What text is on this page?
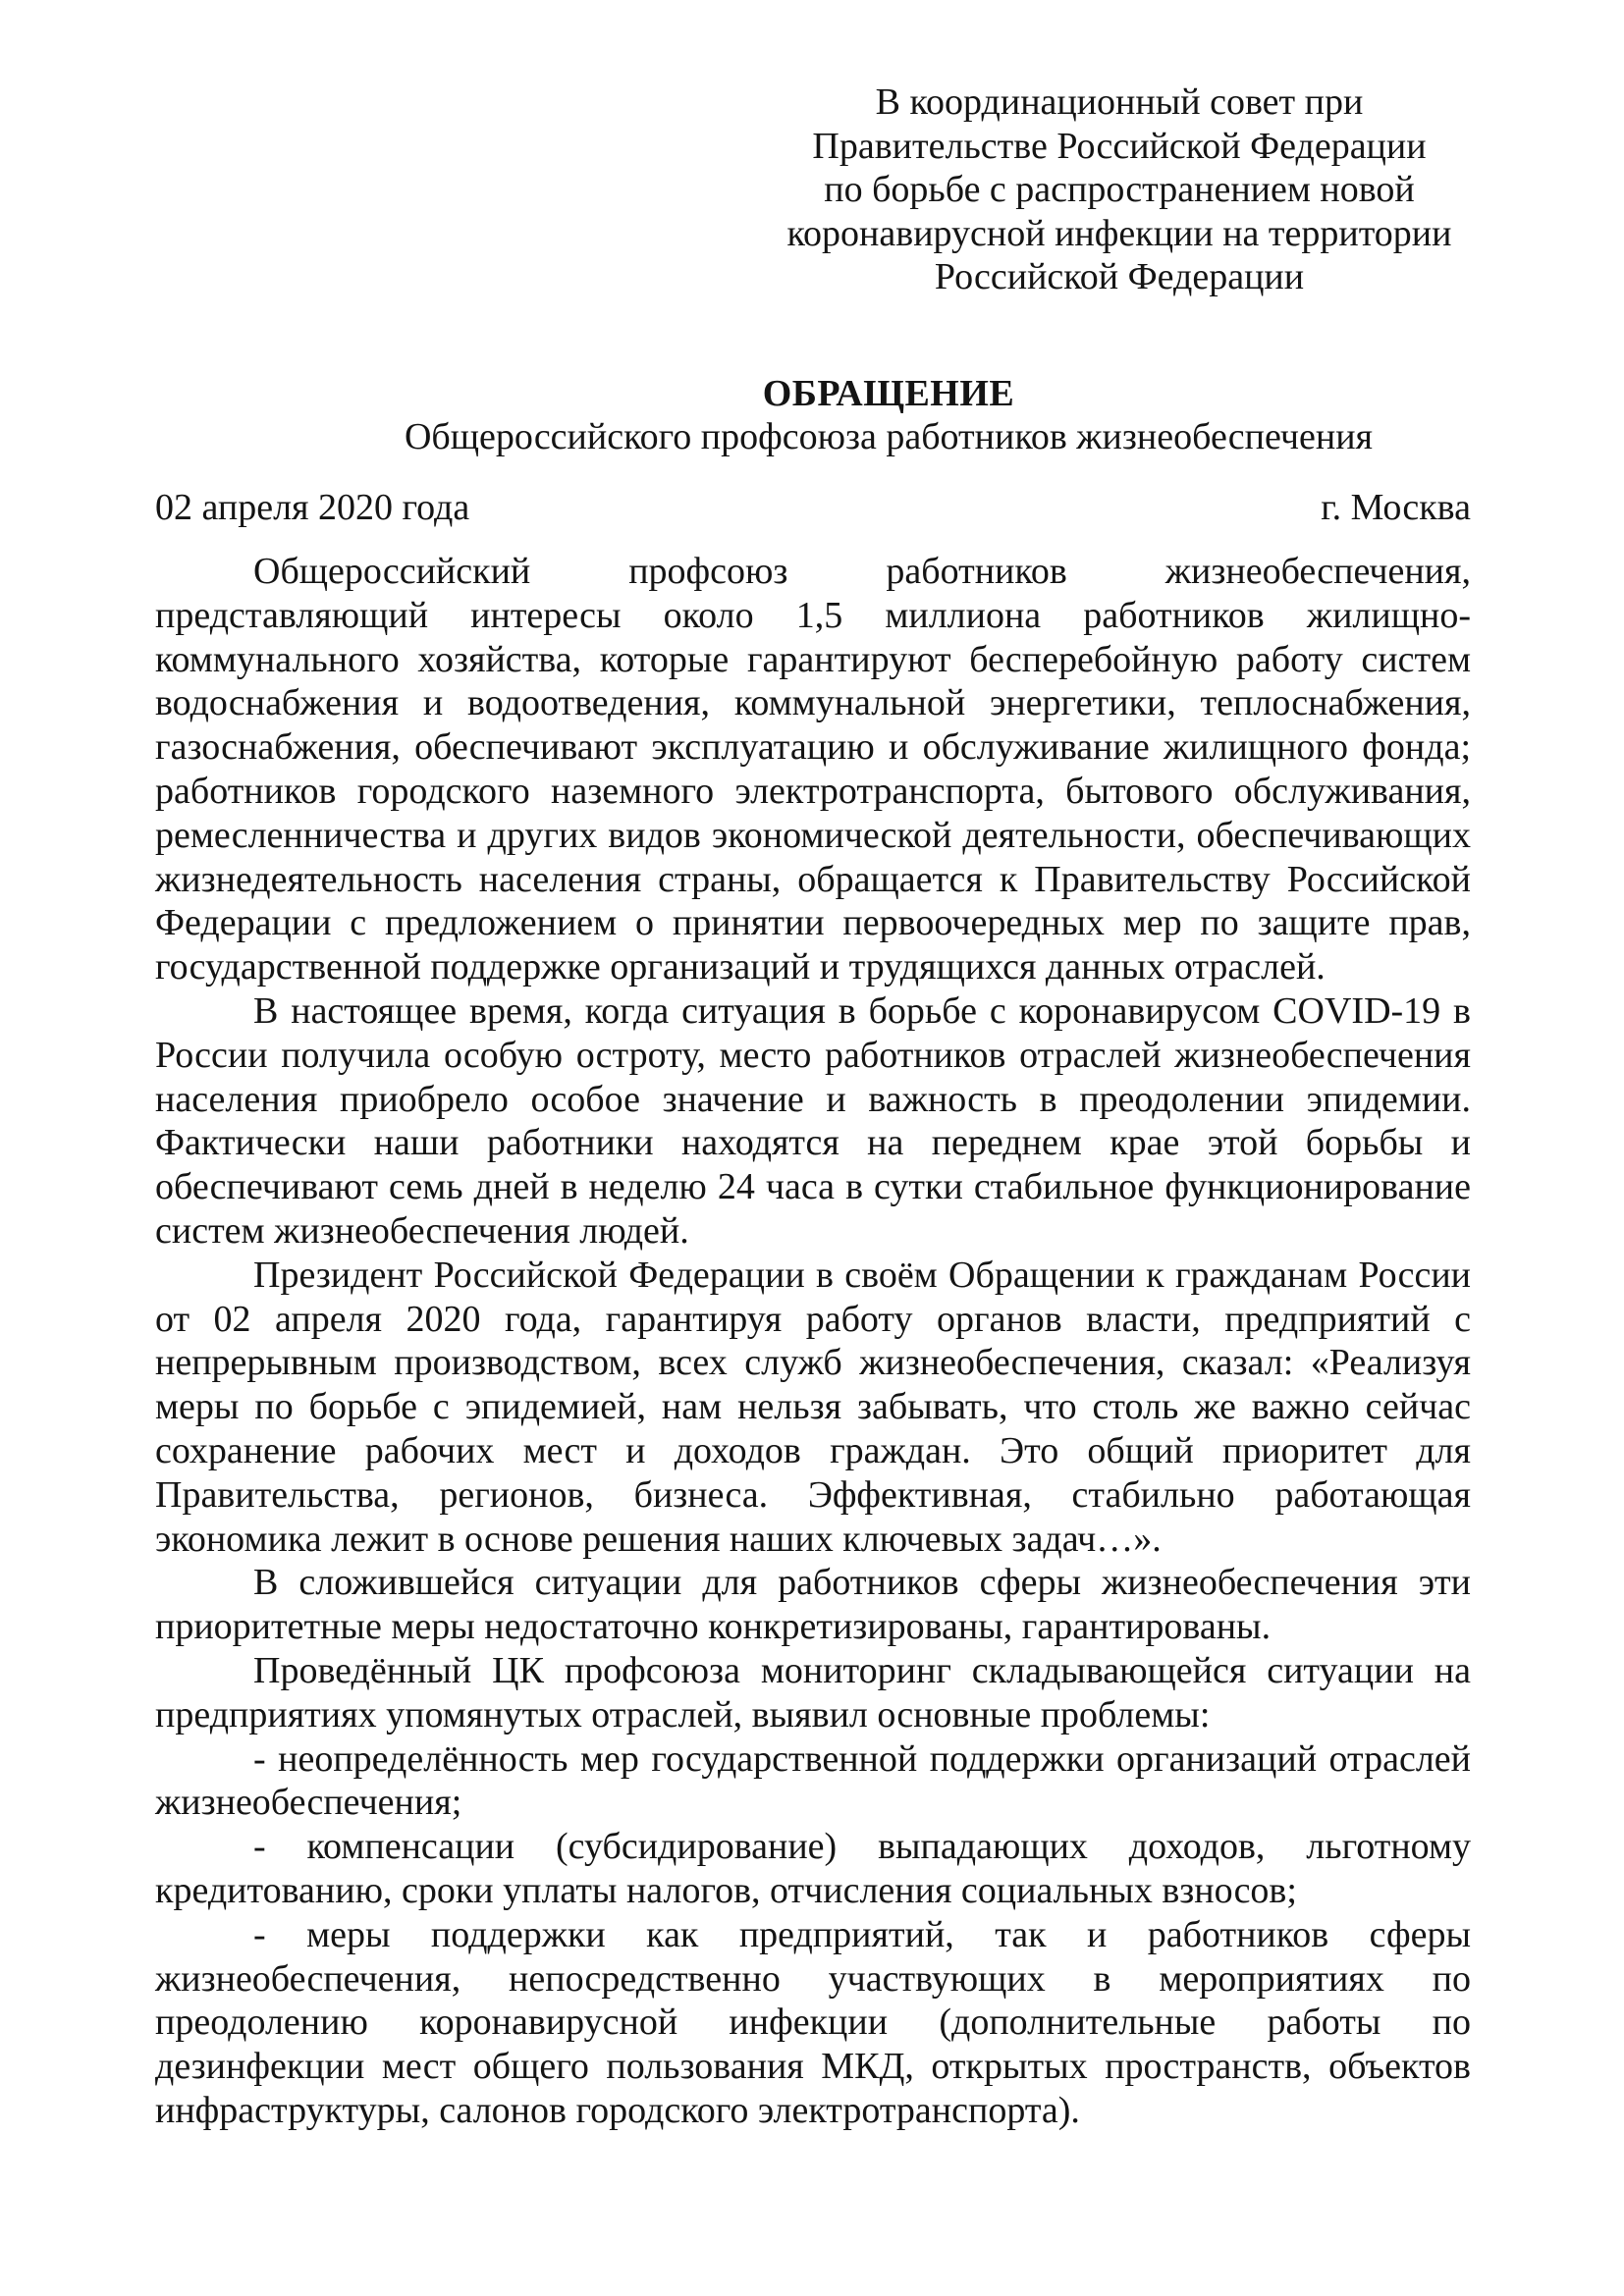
В координационный совет при
Правительстве Российской Федерации
по борьбе с распространением новой
коронавирусной инфекции на территории
Российской Федерации
ОБРАЩЕНИЕ
Общероссийского профсоюза работников жизнеобеспечения
02 апреля 2020 года	г. Москва

Общероссийский профсоюз работников жизнеобеспечения, представляющий интересы около 1,5 миллиона работников жилищно-коммунального хозяйства, которые гарантируют бесперебойную работу систем водоснабжения и водоотведения, коммунальной энергетики, теплоснабжения, газоснабжения, обеспечивают эксплуатацию и обслуживание жилищного фонда; работников городского наземного электротранспорта, бытового обслуживания, ремесленничества и других видов экономической деятельности, обеспечивающих жизнедеятельность населения страны, обращается к Правительству Российской Федерации с предложением о принятии первоочередных мер по защите прав, государственной поддержке организаций и трудящихся данных отраслей.

В настоящее время, когда ситуация в борьбе с коронавирусом COVID-19 в России получила особую остроту, место работников отраслей жизнеобеспечения населения приобрело особое значение и важность в преодолении эпидемии. Фактически наши работники находятся на переднем крае этой борьбы и обеспечивают семь дней в неделю 24 часа в сутки стабильное функционирование систем жизнеобеспечения людей.

Президент Российской Федерации в своём Обращении к гражданам России от 02 апреля 2020 года, гарантируя работу органов власти, предприятий с непрерывным производством, всех служб жизнеобеспечения, сказал: «Реализуя меры по борьбе с эпидемией, нам нельзя забывать, что столь же важно сейчас сохранение рабочих мест и доходов граждан. Это общий приоритет для Правительства, регионов, бизнеса. Эффективная, стабильно работающая экономика лежит в основе решения наших ключевых задач…».

В сложившейся ситуации для работников сферы жизнеобеспечения эти приоритетные меры недостаточно конкретизированы, гарантированы.

Проведённый ЦК профсоюза мониторинг складывающейся ситуации на предприятиях упомянутых отраслей, выявил основные проблемы:

- неопределённость мер государственной поддержки организаций отраслей жизнеобеспечения;

- компенсации (субсидирование) выпадающих доходов, льготному кредитованию, сроки уплаты налогов, отчисления социальных взносов;

- меры поддержки как предприятий, так и работников сферы жизнеобеспечения, непосредственно участвующих в мероприятиях по преодолению коронавирусной инфекции (дополнительные работы по дезинфекции мест общего пользования МКД, открытых пространств, объектов инфраструктуры, салонов городского электротранспорта).
